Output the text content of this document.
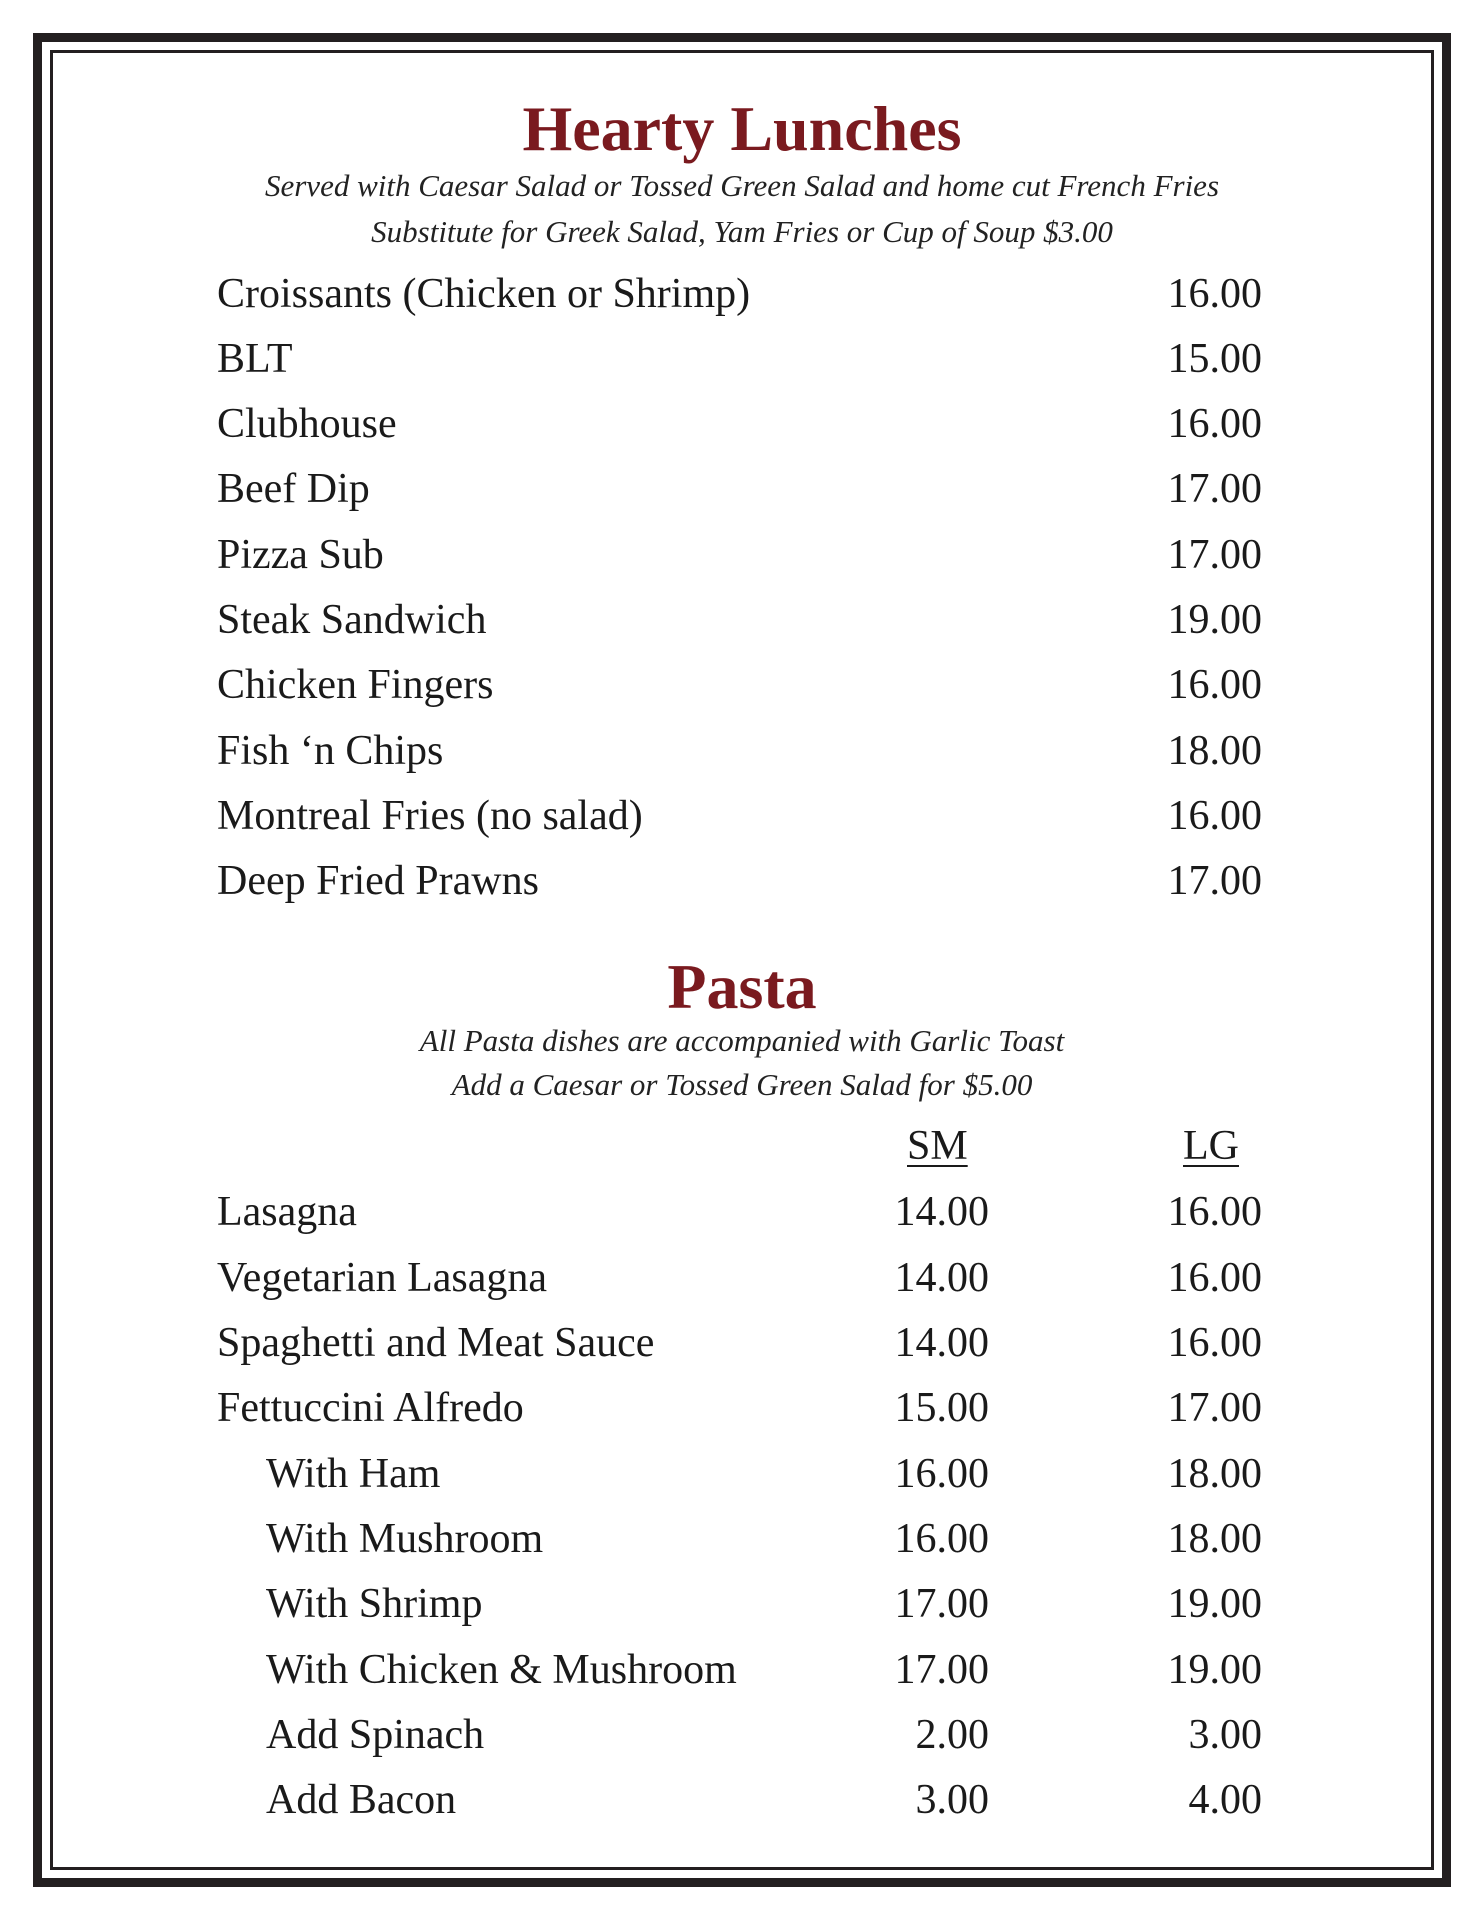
Hearty Lunches
Served with Caesar Salad or Tossed Green Salad and home cut French Fries
Substitute for Greek Salad, Yam Fries or Cup of Soup $3.00
Croissants (Chicken or Shrimp)	16.00
BLT	15.00
Clubhouse	16.00
Beef Dip	17.00
Pizza Sub	17.00
Steak Sandwich	19.00
Chicken Fingers	16.00
Fish ‘n Chips	18.00
Montreal Fries (no salad)	16.00
Deep Fried Prawns	17.00
Pasta
All Pasta dishes are accompanied with Garlic Toast
Add a Caesar or Tossed Green Salad for $5.00
SM	LG
Lasagna	14.00	16.00
Vegetarian Lasagna	14.00	16.00
Spaghetti and Meat Sauce	14.00	16.00
Fettuccini Alfredo	15.00	17.00
With Ham	16.00	18.00
With Mushroom	16.00	18.00
With Shrimp	17.00	19.00
With Chicken & Mushroom	17.00	19.00
Add Spinach	2.00	3.00
Add Bacon	3.00	4.00
